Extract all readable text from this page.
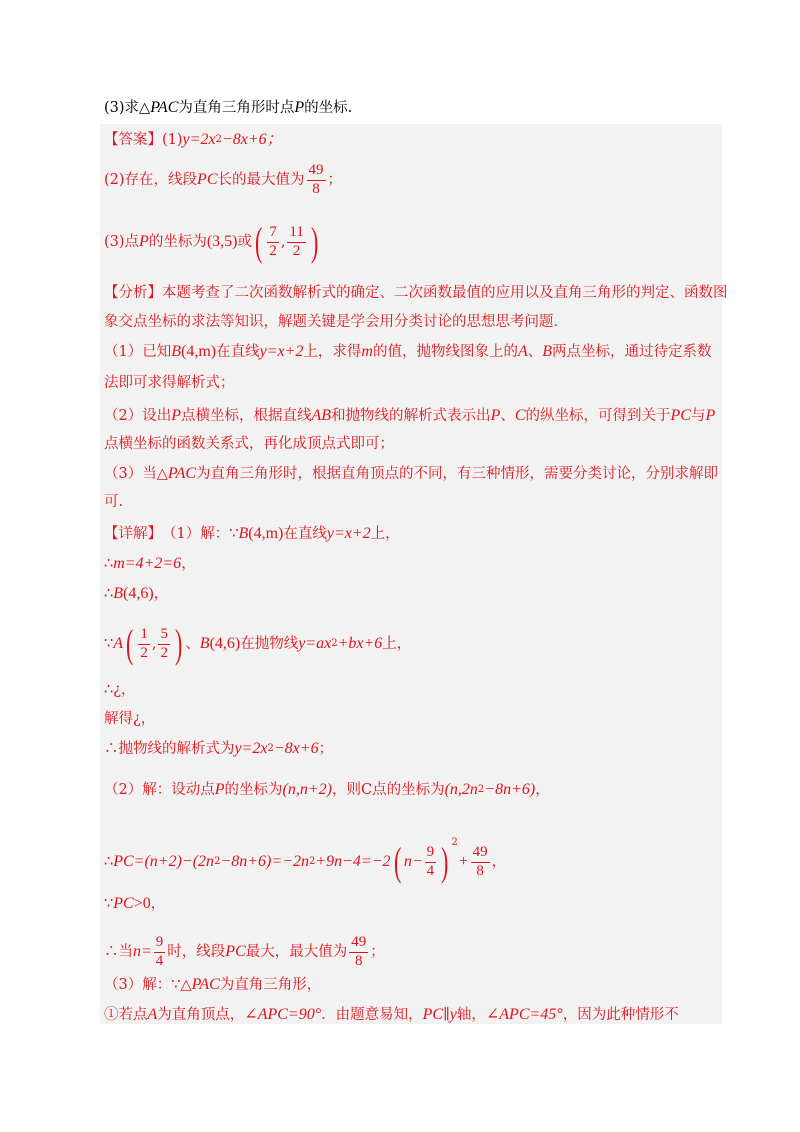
(3)求 △ PAC 为直角三角形时点 P 的坐标.
【答案】 (1) y=2x 2 −8x+6；
(2)存在，线段 PC 长的最大值为 $\frac{49}{8}$ ；
(3)点 P 的坐标为 (3,5) 或 ( $\frac{7}{2}$ , $\frac{11}{2}$ )
【分析】 本题考查了二次函数解析式的确定、二次函数最值的应用以及直角三角形的判定、函数图
象交点坐标的求法等知识，解题关键是学会用分类讨论的思想思考问题.
（1）已知 B (4,m) 在直线 y=x+2 上，求得 m 的值，抛物线图象上的 A 、 B 两点坐标，通过待定系数
法即可求得解析式；
（2）设出 P 点横坐标，根据直线 AB 和抛物线的解析式表示出 P 、 C 的纵坐标，可得到关于 PC 与 P
点横坐标的函数关系式，再化成顶点式即可；
（3）当 △ PAC 为直角三角形时，根据直角顶点的不同，有三种情形，需要分类讨论，分别求解即
可.
【详解】 （1）解： ∵ B (4,m) 在直线 y=x+2 上，
∴ m=4+2=6 ，
∴ B (4,6) ，
∵ A ( $\frac{1}{2}$ , $\frac{5}{2}$ ) 、 B (4,6) 在抛物线 y=ax 2 +bx+6 上，
∴¿，
解得¿，
∴抛物线的解析式为 y=2x 2 −8x+6 ；
（2）解：设动点 P 的坐标为 (n,n+2) ，则 C 点的坐标为 (n,2n 2 −8n+6) ，
∴ PC=(n+2)−(2n 2 −8n+6)=−2n 2 +9n−4=−2 ( $n- \frac{9}{4}$ ) $^2$
+ $\frac{49}{8}$ ，
∵ PC >0 ，
∴当 $n= \frac{9}{4}$ 时，线段 PC 最大，最大值为 $\frac{49}{8}$ ；
（3）解： ∵ △ PAC 为直角三角形，
①若点 A 为直角顶点， ∠APC=90° ．由题意易知， PC ∥ y 轴， ∠APC=45° ，因为此种情形不
